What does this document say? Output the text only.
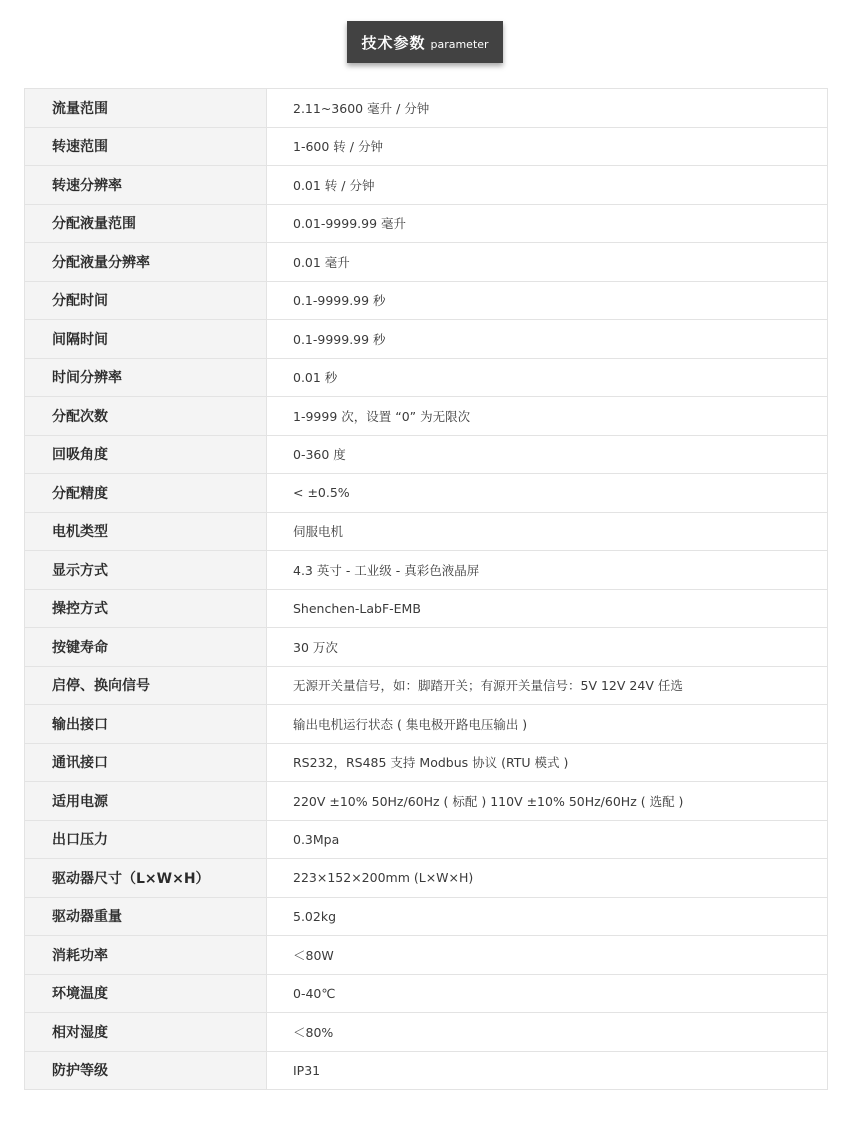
技术参数 parameter
流量范围	2.11~3600 毫升 / 分钟
转速范围	1-600 转 / 分钟
转速分辨率	0.01 转 / 分钟
分配液量范围	0.01-9999.99 毫升
分配液量分辨率	0.01 毫升
分配时间	0.1-9999.99 秒
间隔时间	0.1-9999.99 秒
时间分辨率	0.01 秒
分配次数	1-9999 次，设置 “0” 为无限次
回吸角度	0-360 度
分配精度	< ±0.5%
电机类型	伺服电机
显示方式	4.3 英寸 - 工业级 - 真彩色液晶屏
操控方式	Shenchen-LabF-EMB
按键寿命	30 万次
启停、换向信号	无源开关量信号，如：脚踏开关；有源开关量信号：5V 12V 24V 任选
输出接口	输出电机运行状态 ( 集电极开路电压输出 )
通讯接口	RS232，RS485 支持 Modbus 协议 (RTU 模式 )
适用电源	220V ±10% 50Hz/60Hz ( 标配 ) 110V ±10% 50Hz/60Hz ( 选配 )
出口压力	0.3Mpa
驱动器尺寸（L×W×H）	223×152×200mm (L×W×H)
驱动器重量	5.02kg
消耗功率	＜80W
环境温度	0-40℃
相对湿度	＜80%
防护等级	IP31
